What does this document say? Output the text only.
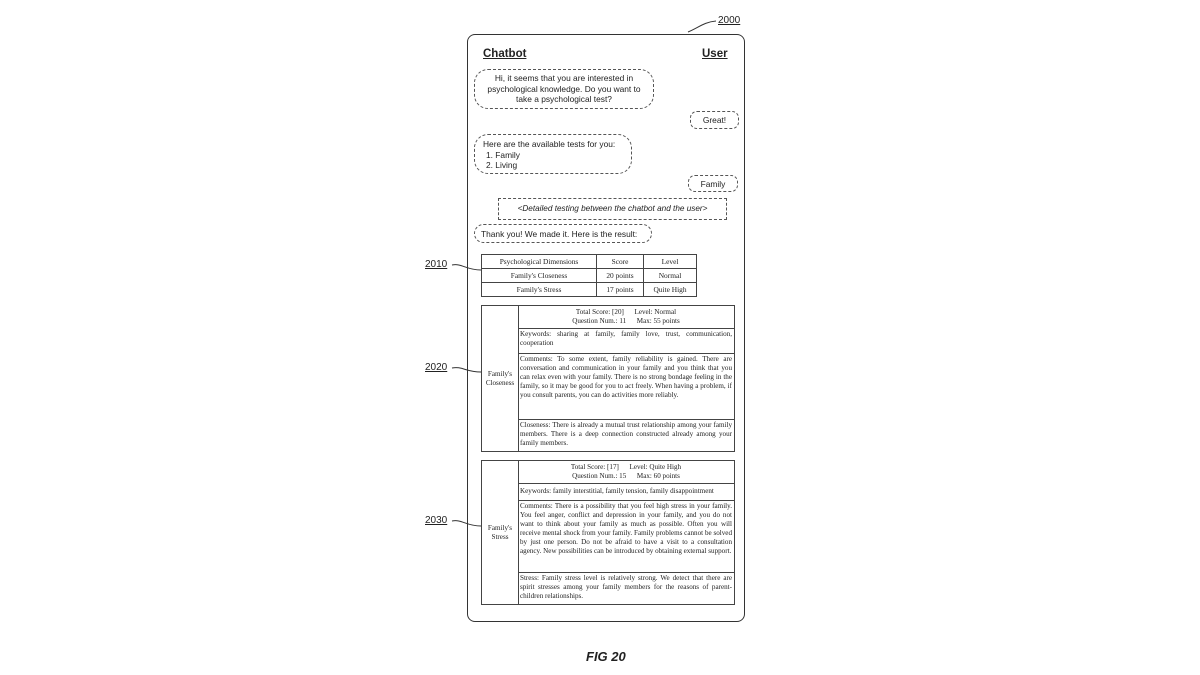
2000
2010
2020
2030
Chatbot	User
Hi, it seems that you are interested in psychological knowledge. Do you want to take a psychological test?
Great!
Here are the available tests for you:
1. Family
2. Living
Family
<Detailed testing between the chatbot and the user>
Thank you! We made it. Here is the result:
Psychological Dimensions	Score	Level
Family's Closeness	20 points	Normal
Family's Stress	17 points	Quite High
Family's
Closeness
Total Score: [20]      Level: Normal
Question Num.: 11      Max: 55 points
Keywords: sharing at family, family love, trust, communication, cooperation
Comments: To some extent, family reliability is gained. There are conversation and communication in your family and you think that you can relax even with your family. There is no strong bondage feeling in the family, so it may be good for you to act freely. When having a problem, if you consult parents, you can do activities more reliably.
Closeness: There is already a mutual trust relationship among your family members. There is a deep connection constructed already among your family members.
Family's
Stress
Total Score: [17]      Level: Quite High
Question Num.: 15      Max: 60 points
Keywords: family interstitial, family tension, family disappointment
Comments: There is a possibility that you feel high stress in your family. You feel anger, conflict and depression in your family, and you do not want to think about your family as much as possible. Often you will receive mental shock from your family. Family problems cannot be solved by just one person. Do not be afraid to have a visit to a consultation agency. New possibilities can be introduced by obtaining external support.
Stress: Family stress level is relatively strong. We detect that there are spirit stresses among your family members for the reasons of parent-children relationships.
FIG 20
